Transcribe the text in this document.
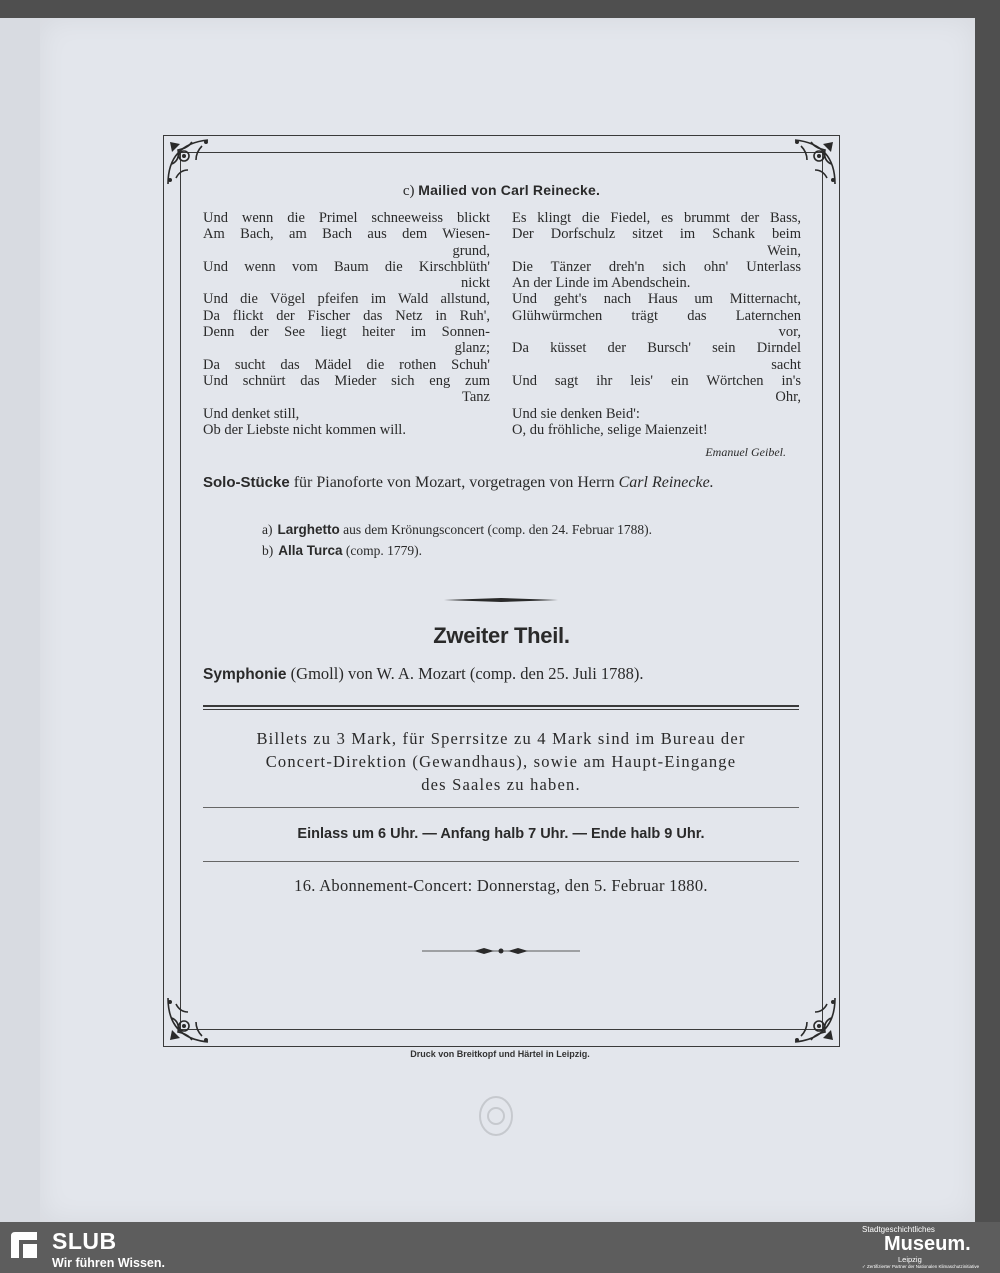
c) Mailied von Carl Reinecke.
Und wenn die Primel schneeweiss blickt
Am Bach, am Bach aus dem Wiesen-
grund,
Und wenn vom Baum die Kirschblüth'
nickt
Und die Vögel pfeifen im Wald allstund,
Da flickt der Fischer das Netz in Ruh',
Denn der See liegt heiter im Sonnen-
glanz;
Da sucht das Mädel die rothen Schuh'
Und schnürt das Mieder sich eng zum
Tanz
Und denket still,
Ob der Liebste nicht kommen will.
Es klingt die Fiedel, es brummt der Bass,
Der Dorfschulz sitzet im Schank beim
Wein,
Die Tänzer dreh'n sich ohn' Unterlass
An der Linde im Abendschein.
Und geht's nach Haus um Mitternacht,
Glühwürmchen trägt das Laternchen
vor,
Da küsset der Bursch' sein Dirndel
sacht
Und sagt ihr leis' ein Wörtchen in's
Ohr,
Und sie denken Beid':
O, du fröhliche, selige Maienzeit!
Emanuel Geibel.
Solo-Stücke für Pianoforte von Mozart, vorgetragen von Herrn Carl Reinecke.
a) Larghetto aus dem Krönungsconcert (comp. den 24. Februar 1788).
b) Alla Turca (comp. 1779).
Zweiter Theil.
Symphonie (Gmoll) von W. A. Mozart (comp. den 25. Juli 1788).
Billets zu 3 Mark, für Sperrsitze zu 4 Mark sind im Bureau der
Concert-Direktion (Gewandhaus), sowie am Haupt-Eingange
des Saales zu haben.
Einlass um 6 Uhr. — Anfang halb 7 Uhr. — Ende halb 9 Uhr.
16. Abonnement-Concert: Donnerstag, den 5. Februar 1880.
Druck von Breitkopf und Härtel in Leipzig.
SLUB
Wir führen Wissen.
Stadtgeschichtliches
Museum.
Leipzig
✓ Zertifizierter Partner der Nationalen Klimaschutzinitiative
